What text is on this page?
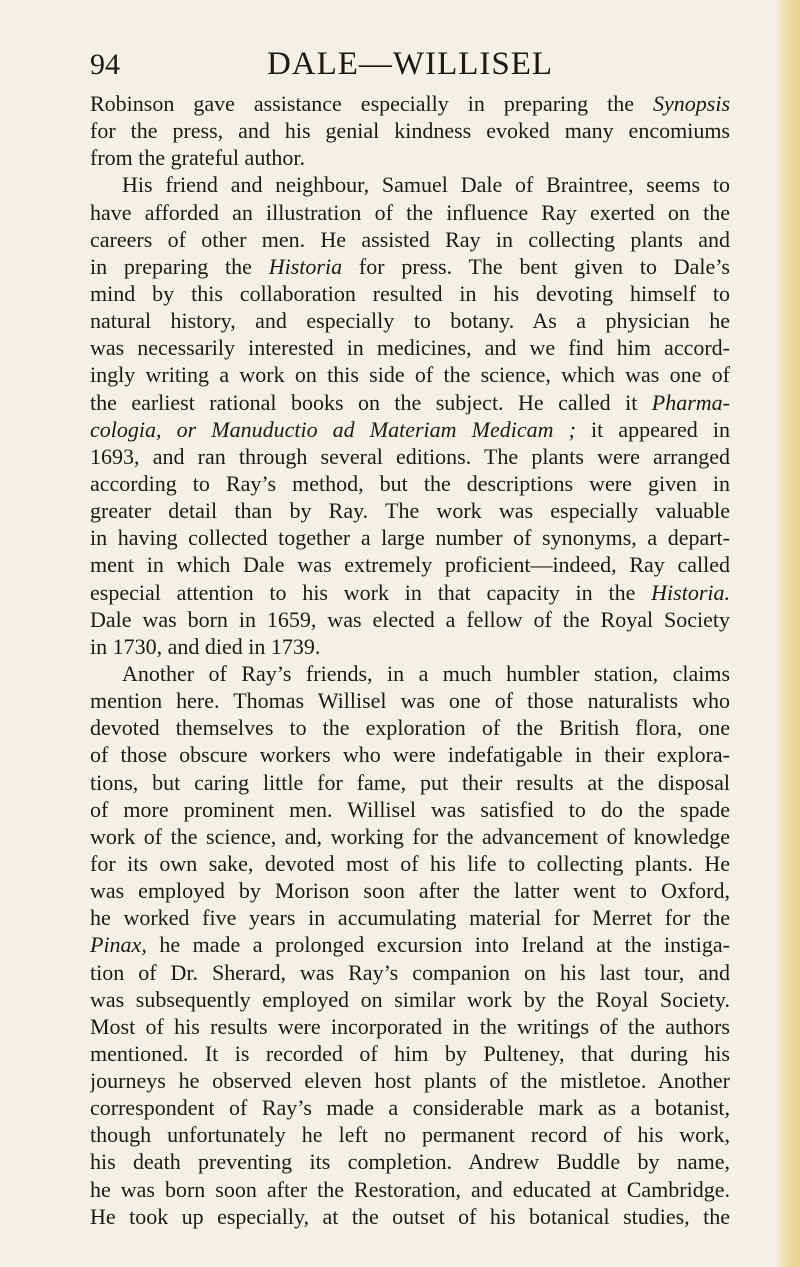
94	DALE—WILLISEL
Robinson gave assistance especially in preparing the Synopsis
for the press, and his genial kindness evoked many encomiums
from the grateful author.
His friend and neighbour, Samuel Dale of Braintree, seems to
have afforded an illustration of the influence Ray exerted on the
careers of other men. He assisted Ray in collecting plants and
in preparing the Historia for press. The bent given to Dale’s
mind by this collaboration resulted in his devoting himself to
natural history, and especially to botany. As a physician he
was necessarily interested in medicines, and we find him accord-
ingly writing a work on this side of the science, which was one of
the earliest rational books on the subject. He called it Pharma-
cologia, or Manuductio ad Materiam Medicam ; it appeared in
1693, and ran through several editions. The plants were arranged
according to Ray’s method, but the descriptions were given in
greater detail than by Ray. The work was especially valuable
in having collected together a large number of synonyms, a depart-
ment in which Dale was extremely proficient—indeed, Ray called
especial attention to his work in that capacity in the Historia.
Dale was born in 1659, was elected a fellow of the Royal Society
in 1730, and died in 1739.
Another of Ray’s friends, in a much humbler station, claims
mention here. Thomas Willisel was one of those naturalists who
devoted themselves to the exploration of the British flora, one
of those obscure workers who were indefatigable in their explora-
tions, but caring little for fame, put their results at the disposal
of more prominent men. Willisel was satisfied to do the spade
work of the science, and, working for the advancement of knowledge
for its own sake, devoted most of his life to collecting plants. He
was employed by Morison soon after the latter went to Oxford,
he worked five years in accumulating material for Merret for the
Pinax, he made a prolonged excursion into Ireland at the instiga-
tion of Dr. Sherard, was Ray’s companion on his last tour, and
was subsequently employed on similar work by the Royal Society.
Most of his results were incorporated in the writings of the authors
mentioned. It is recorded of him by Pulteney, that during his
journeys he observed eleven host plants of the mistletoe. Another
correspondent of Ray’s made a considerable mark as a botanist,
though unfortunately he left no permanent record of his work,
his death preventing its completion. Andrew Buddle by name,
he was born soon after the Restoration, and educated at Cambridge.
He took up especially, at the outset of his botanical studies, the
